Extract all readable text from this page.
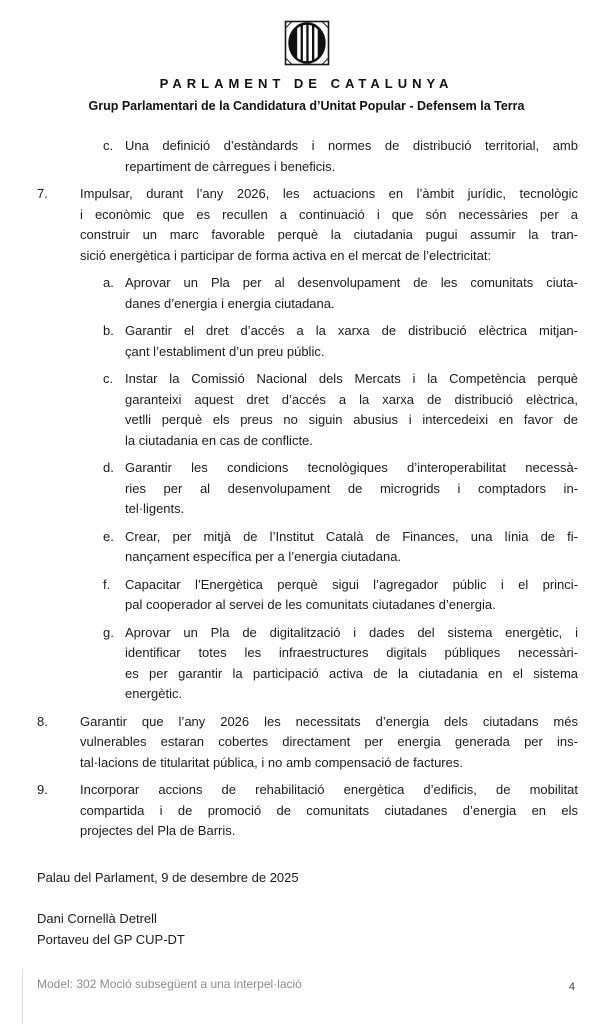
PARLAMENT DE CATALUNYA
Grup Parlamentari de la Candidatura d’Unitat Popular - Defensem la Terra
c. Una definició d’estàndards i normes de distribució territorial, amb
repartiment de càrregues i beneficis.
7.	Impulsar, durant l’any 2026, les actuacions en l’àmbit jurídic, tecnològic
i econòmic que es recullen a continuació i que són necessàries per a
construir un marc favorable perquè la ciutadania pugui assumir la tran-
sició energètica i participar de forma activa en el mercat de l’electricitat:
a. Aprovar un Pla per al desenvolupament de les comunitats ciuta-
danes d’energia i energia ciutadana.
b. Garantir el dret d’accés a la xarxa de distribució elèctrica mitjan-
çant l’establiment d’un preu públic.
c. Instar la Comissió Nacional dels Mercats i la Competència perquè
garanteixi aquest dret d’accés a la xarxa de distribució elèctrica,
vetlli perquè els preus no siguin abusius i intercedeixi en favor de
la ciutadania en cas de conflicte.
d. Garantir les condicions tecnològiques d’interoperabilitat necessà-
ries per al desenvolupament de microgrids i comptadors in-
tel·ligents.
e. Crear, per mitjà de l’Institut Català de Finances, una línia de fi-
nançament específica per a l’energia ciutadana.
f.	Capacitar l’Energètica perquè sigui l’agregador públic i el princi-
pal cooperador al servei de les comunitats ciutadanes d’energia.
g. Aprovar un Pla de digitalització i dades del sistema energètic, i
identificar totes les infraestructures digitals públiques necessàri-
es per garantir la participació activa de la ciutadania en el sistema
energètic.
8.	Garantir que l’any 2026 les necessitats d’energia dels ciutadans més
vulnerables estaran cobertes directament per energia generada per ins-
tal·lacions de titularitat pública, i no amb compensació de factures.
9.	Incorporar accions de rehabilitació energètica d’edificis, de mobilitat
compartida i de promoció de comunitats ciutadanes d’energia en els
projectes del Pla de Barris.
Palau del Parlament, 9 de desembre de 2025
Dani Cornellà Detrell
Portaveu del GP CUP-DT
Model: 302 Moció subsegüent a una interpel·lació	4
